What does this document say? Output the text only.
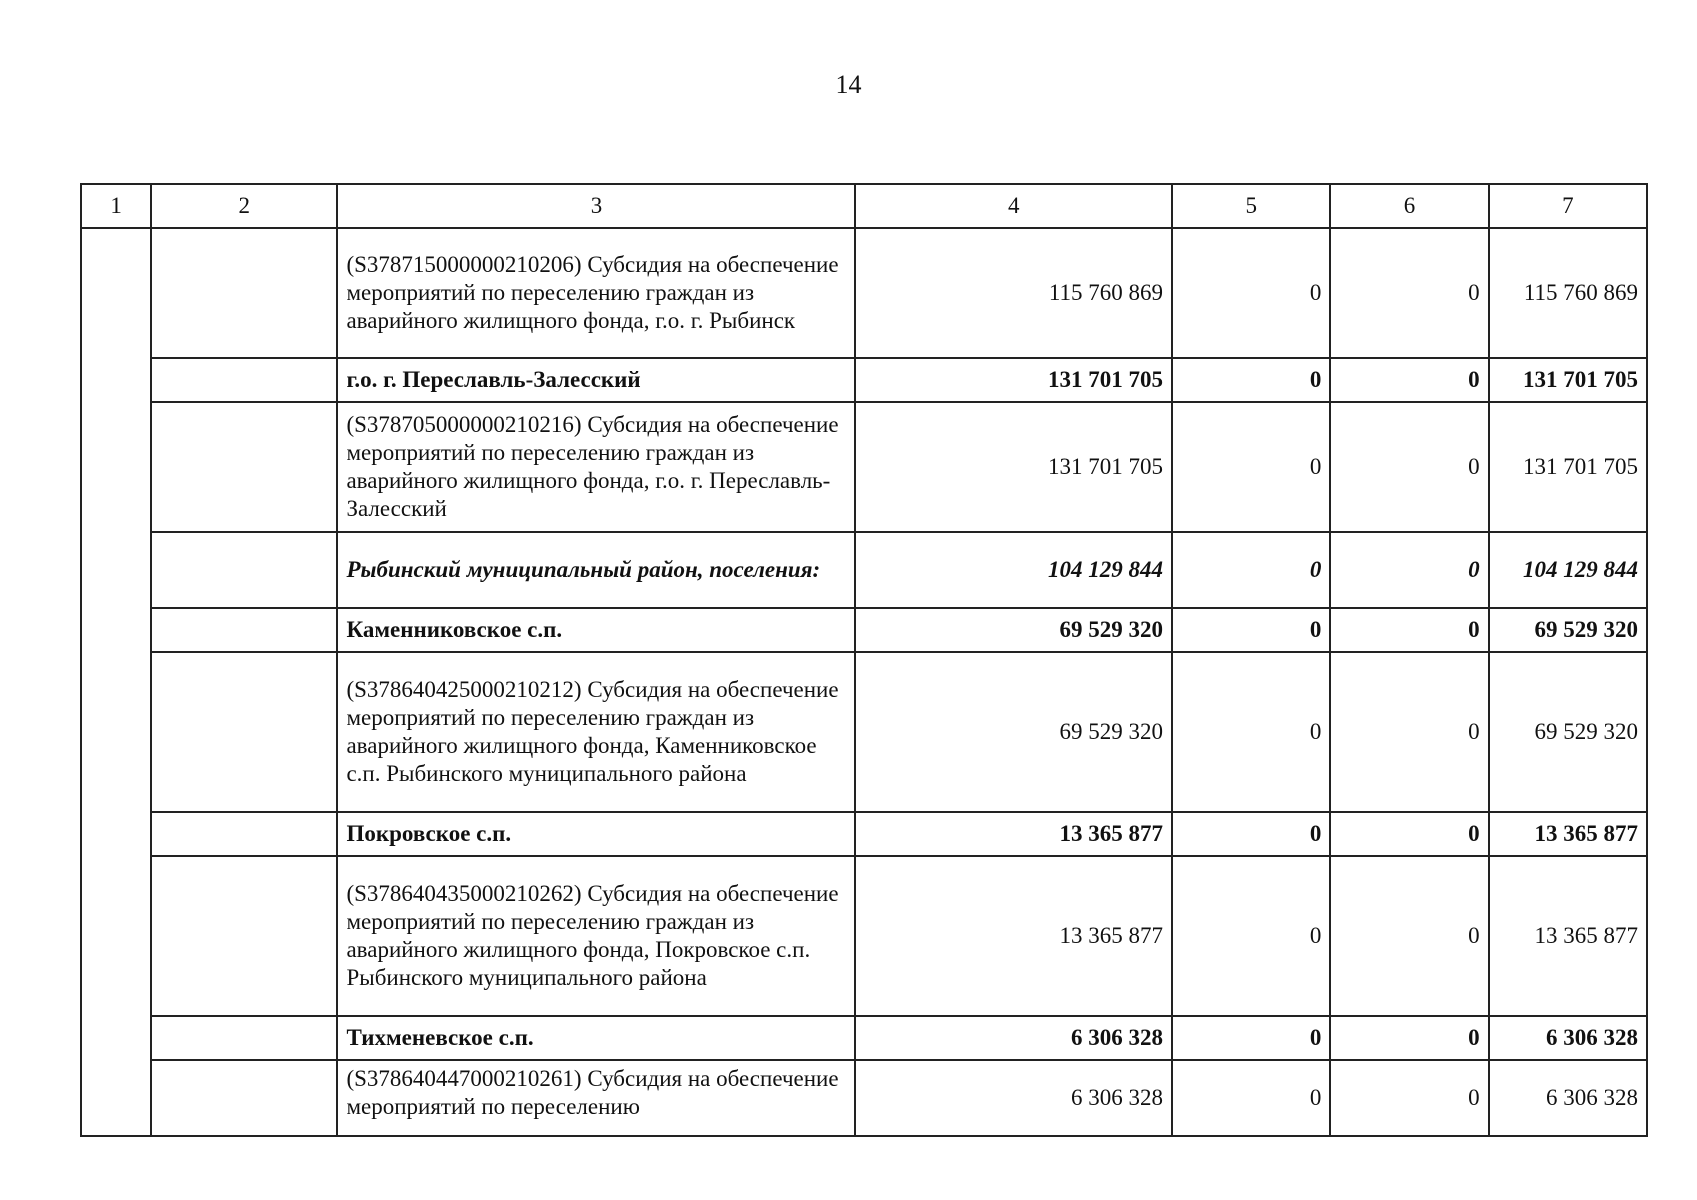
14
1	2	3	4	5	6	7
		(S378715000000210206) Субсидия на обеспечение мероприятий по переселению граждан из аварийного жилищного фонда, г.о. г. Рыбинск	115 760 869	0	0	115 760 869
		г.о. г. Переславль-Залесский	131 701 705	0	0	131 701 705
		(S378705000000210216) Субсидия на обеспечение мероприятий по переселению граждан из аварийного жилищного фонда, г.о. г. Переславль-Залесский	131 701 705	0	0	131 701 705
		Рыбинский муниципальный район, поселения:	104 129 844	0	0	104 129 844
		Каменниковское с.п.	69 529 320	0	0	69 529 320
		(S378640425000210212) Субсидия на обеспечение мероприятий по переселению граждан из аварийного жилищного фонда, Каменниковское с.п. Рыбинского муниципального района	69 529 320	0	0	69 529 320
		Покровское с.п.	13 365 877	0	0	13 365 877
		(S378640435000210262) Субсидия на обеспечение мероприятий по переселению граждан из аварийного жилищного фонда, Покровское с.п. Рыбинского муниципального района	13 365 877	0	0	13 365 877
		Тихменевское с.п.	6 306 328	0	0	6 306 328
		(S378640447000210261) Субсидия на обеспечение мероприятий по переселению	6 306 328	0	0	6 306 328
